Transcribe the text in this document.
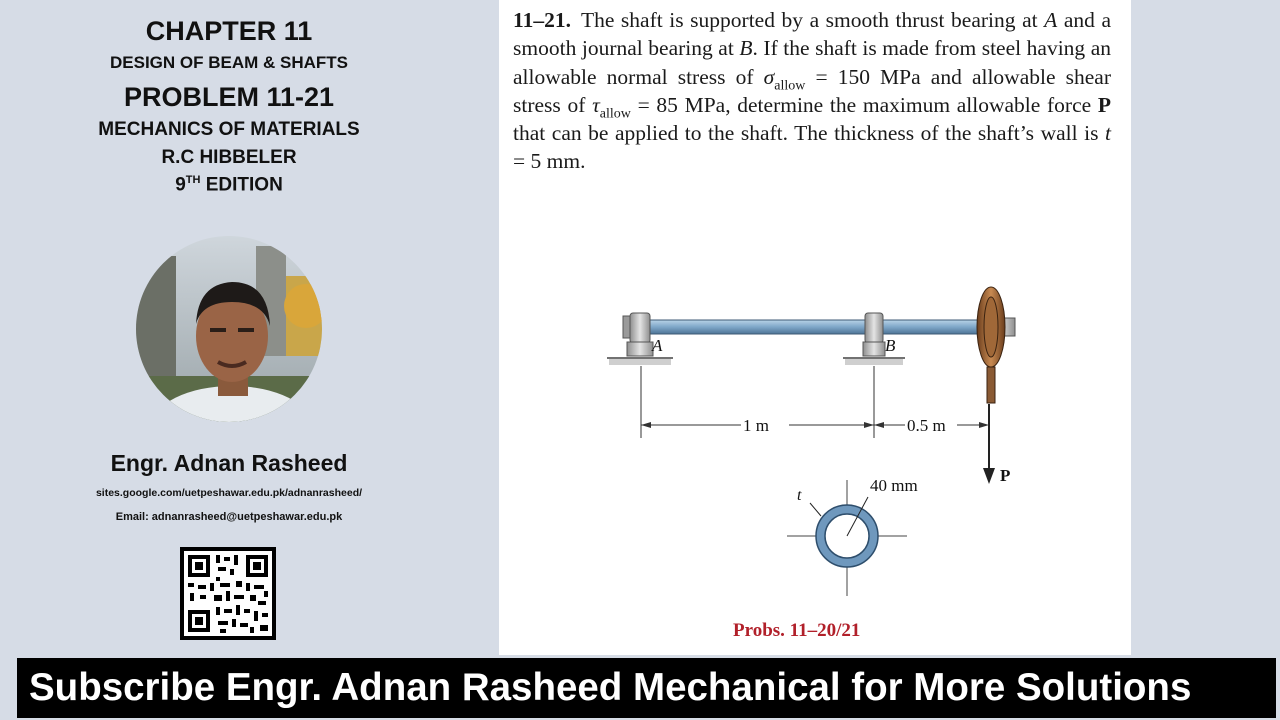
CHAPTER 11
DESIGN OF BEAM & SHAFTS
PROBLEM 11-21
MECHANICS OF MATERIALS
R.C HIBBELER
9TH EDITION
Engr. Adnan Rasheed
sites.google.com/uetpeshawar.edu.pk/adnanrasheed/
Email: adnanrasheed@uetpeshawar.edu.pk
11–21. The shaft is supported by a smooth thrust bearing at A and a smooth journal bearing at B. If the shaft is made from steel having an allowable normal stress of $\sigma_{allow} = 150$ MPa and allowable shear stress of $\tau_{allow} = 85$ MPa, determine the maximum allowable force P that can be applied to the shaft. The thickness of the shaft’s wall is t = 5 mm.
A	B
P
1 m	0.5 m
40 mm
t
Probs. 11–20/21
Subscribe Engr. Adnan Rasheed Mechanical for More Solutions
